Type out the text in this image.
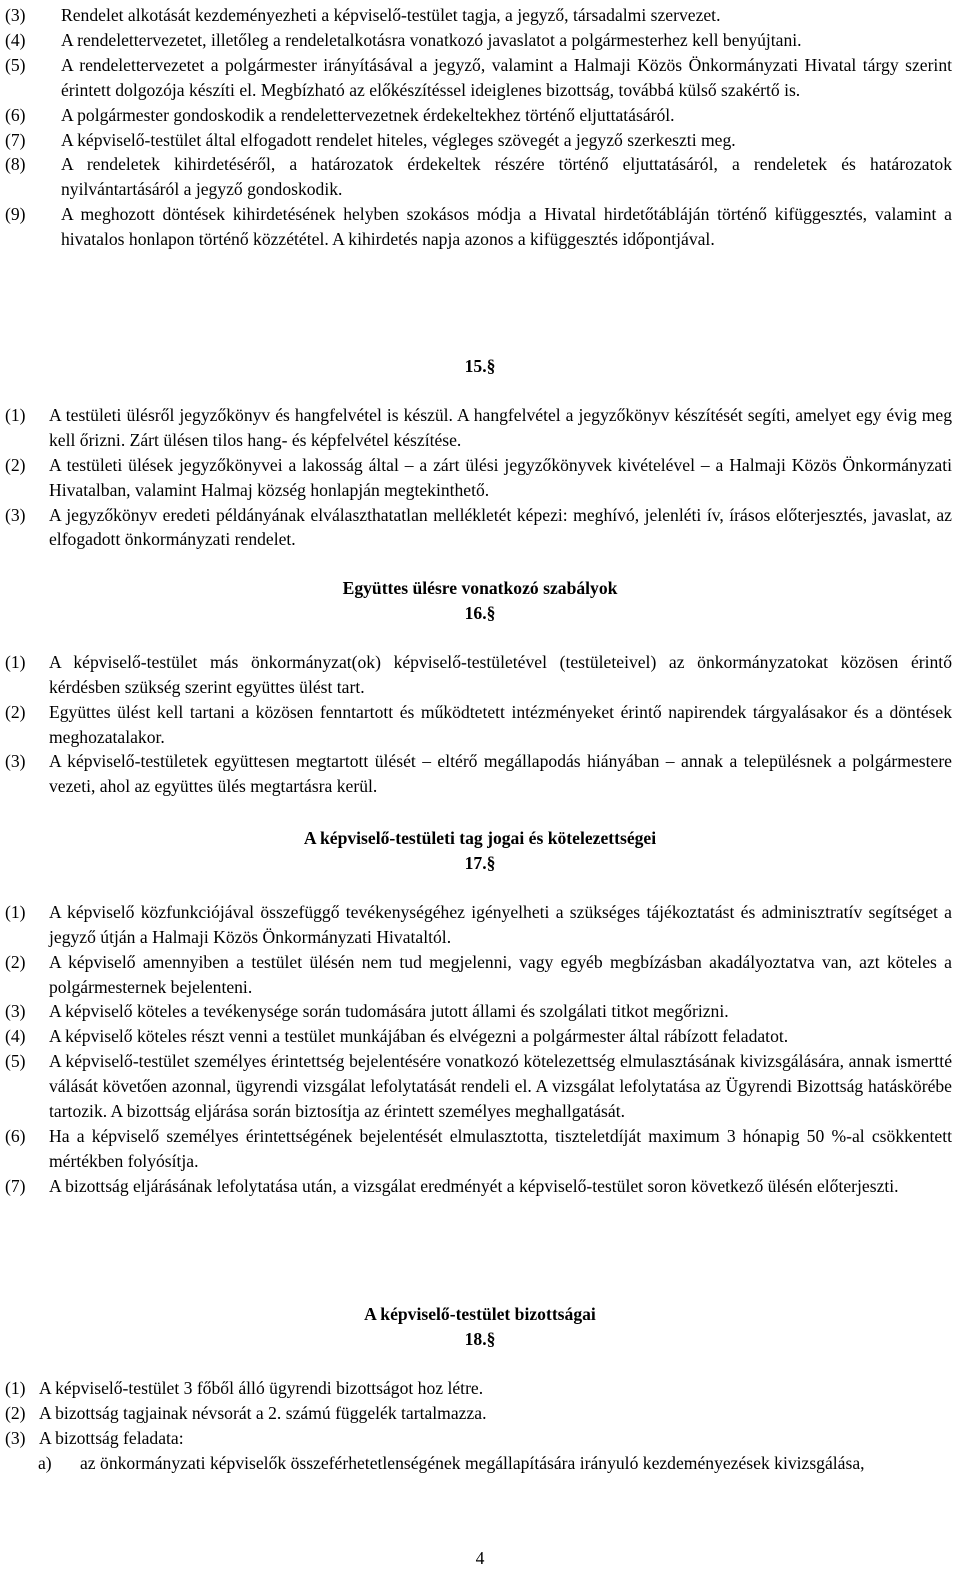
(3)	Rendelet alkotását kezdeményezheti a képviselő-testület tagja, a jegyző, társadalmi szervezet.
(4)	A rendelettervezetet, illetőleg a rendeletalkotásra vonatkozó javaslatot a polgármesterhez kell benyújtani.
(5)	A rendelettervezetet a polgármester irányításával a jegyző, valamint a Halmaji Közös Önkormányzati Hivatal tárgy szerint érintett dolgozója készíti el. Megbízható az előkészítéssel ideiglenes bizottság, továbbá külső szakértő is.
(6)	A polgármester gondoskodik a rendelettervezetnek érdekeltekhez történő eljuttatásáról.
(7)	A képviselő-testület által elfogadott rendelet hiteles, végleges szövegét a jegyző szerkeszti meg.
(8)	A rendeletek kihirdetéséről, a határozatok érdekeltek részére történő eljuttatásáról, a rendeletek és határozatok nyilvántartásáról a jegyző gondoskodik.
(9)	A meghozott döntések kihirdetésének helyben szokásos módja a Hivatal hirdetőtábláján történő kifüggesztés, valamint a hivatalos honlapon történő közzététel. A kihirdetés napja azonos a kifüggesztés időpontjával.

15.§

(1)	A testületi ülésről jegyzőkönyv és hangfelvétel is készül. A hangfelvétel a jegyzőkönyv készítését segíti, amelyet egy évig meg kell őrizni. Zárt ülésen tilos hang- és képfelvétel készítése.
(2)	A testületi ülések jegyzőkönyvei a lakosság által – a zárt ülési jegyzőkönyvek kivételével – a Halmaji Közös Önkormányzati Hivatalban, valamint Halmaj község honlapján megtekinthető.
(3)	A jegyzőkönyv eredeti példányának elválaszthatatlan mellékletét képezi: meghívó, jelenléti ív, írásos előterjesztés, javaslat, az elfogadott önkormányzati rendelet.

Együttes ülésre vonatkozó szabályok

16.§

(1)	A képviselő-testület más önkormányzat(ok) képviselő-testületével (testületeivel) az önkormányzatokat közösen érintő kérdésben szükség szerint együttes ülést tart.
(2)	Együttes ülést kell tartani a közösen fenntartott és működtetett intézményeket érintő napirendek tárgyalásakor és a döntések meghozatalakor.
(3)	A képviselő-testületek együttesen megtartott ülését – eltérő megállapodás hiányában – annak a településnek a polgármestere vezeti, ahol az együttes ülés megtartásra kerül.

A képviselő-testületi tag jogai és kötelezettségei

17.§

(1)	A képviselő közfunkciójával összefüggő tevékenységéhez igényelheti a szükséges tájékoztatást és adminisztratív segítséget a jegyző útján a Halmaji Közös Önkormányzati Hivataltól.
(2)	A képviselő amennyiben a testület ülésén nem tud megjelenni, vagy egyéb megbízásban akadályoztatva van, azt köteles a polgármesternek bejelenteni.
(3)	A képviselő köteles a tevékenysége során tudomására jutott állami és szolgálati titkot megőrizni.
(4)	A képviselő köteles részt venni a testület munkájában és elvégezni a polgármester által rábízott feladatot.
(5)	A képviselő-testület személyes érintettség bejelentésére vonatkozó kötelezettség elmulasztásának kivizsgálására, annak ismertté válását követően azonnal, ügyrendi vizsgálat lefolytatását rendeli el. A vizsgálat lefolytatása az Ügyrendi Bizottság hatáskörébe tartozik. A bizottság eljárása során biztosítja az érintett személyes meghallgatását.
(6)	Ha a képviselő személyes érintettségének bejelentését elmulasztotta, tiszteletdíját maximum 3 hónapig 50 %-al csökkentett mértékben folyósítja.
(7)	A bizottság eljárásának lefolytatása után, a vizsgálat eredményét a képviselő-testület soron következő ülésén előterjeszti.

A képviselő-testület bizottságai

18.§

(1) A képviselő-testület 3 főből álló ügyrendi bizottságot hoz létre.
(2) A bizottság tagjainak névsorát a 2. számú függelék tartalmazza.
(3) A bizottság feladata:
a)	az önkormányzati képviselők összeférhetetlenségének megállapítására irányuló kezdeményezések kivizsgálása,
4
